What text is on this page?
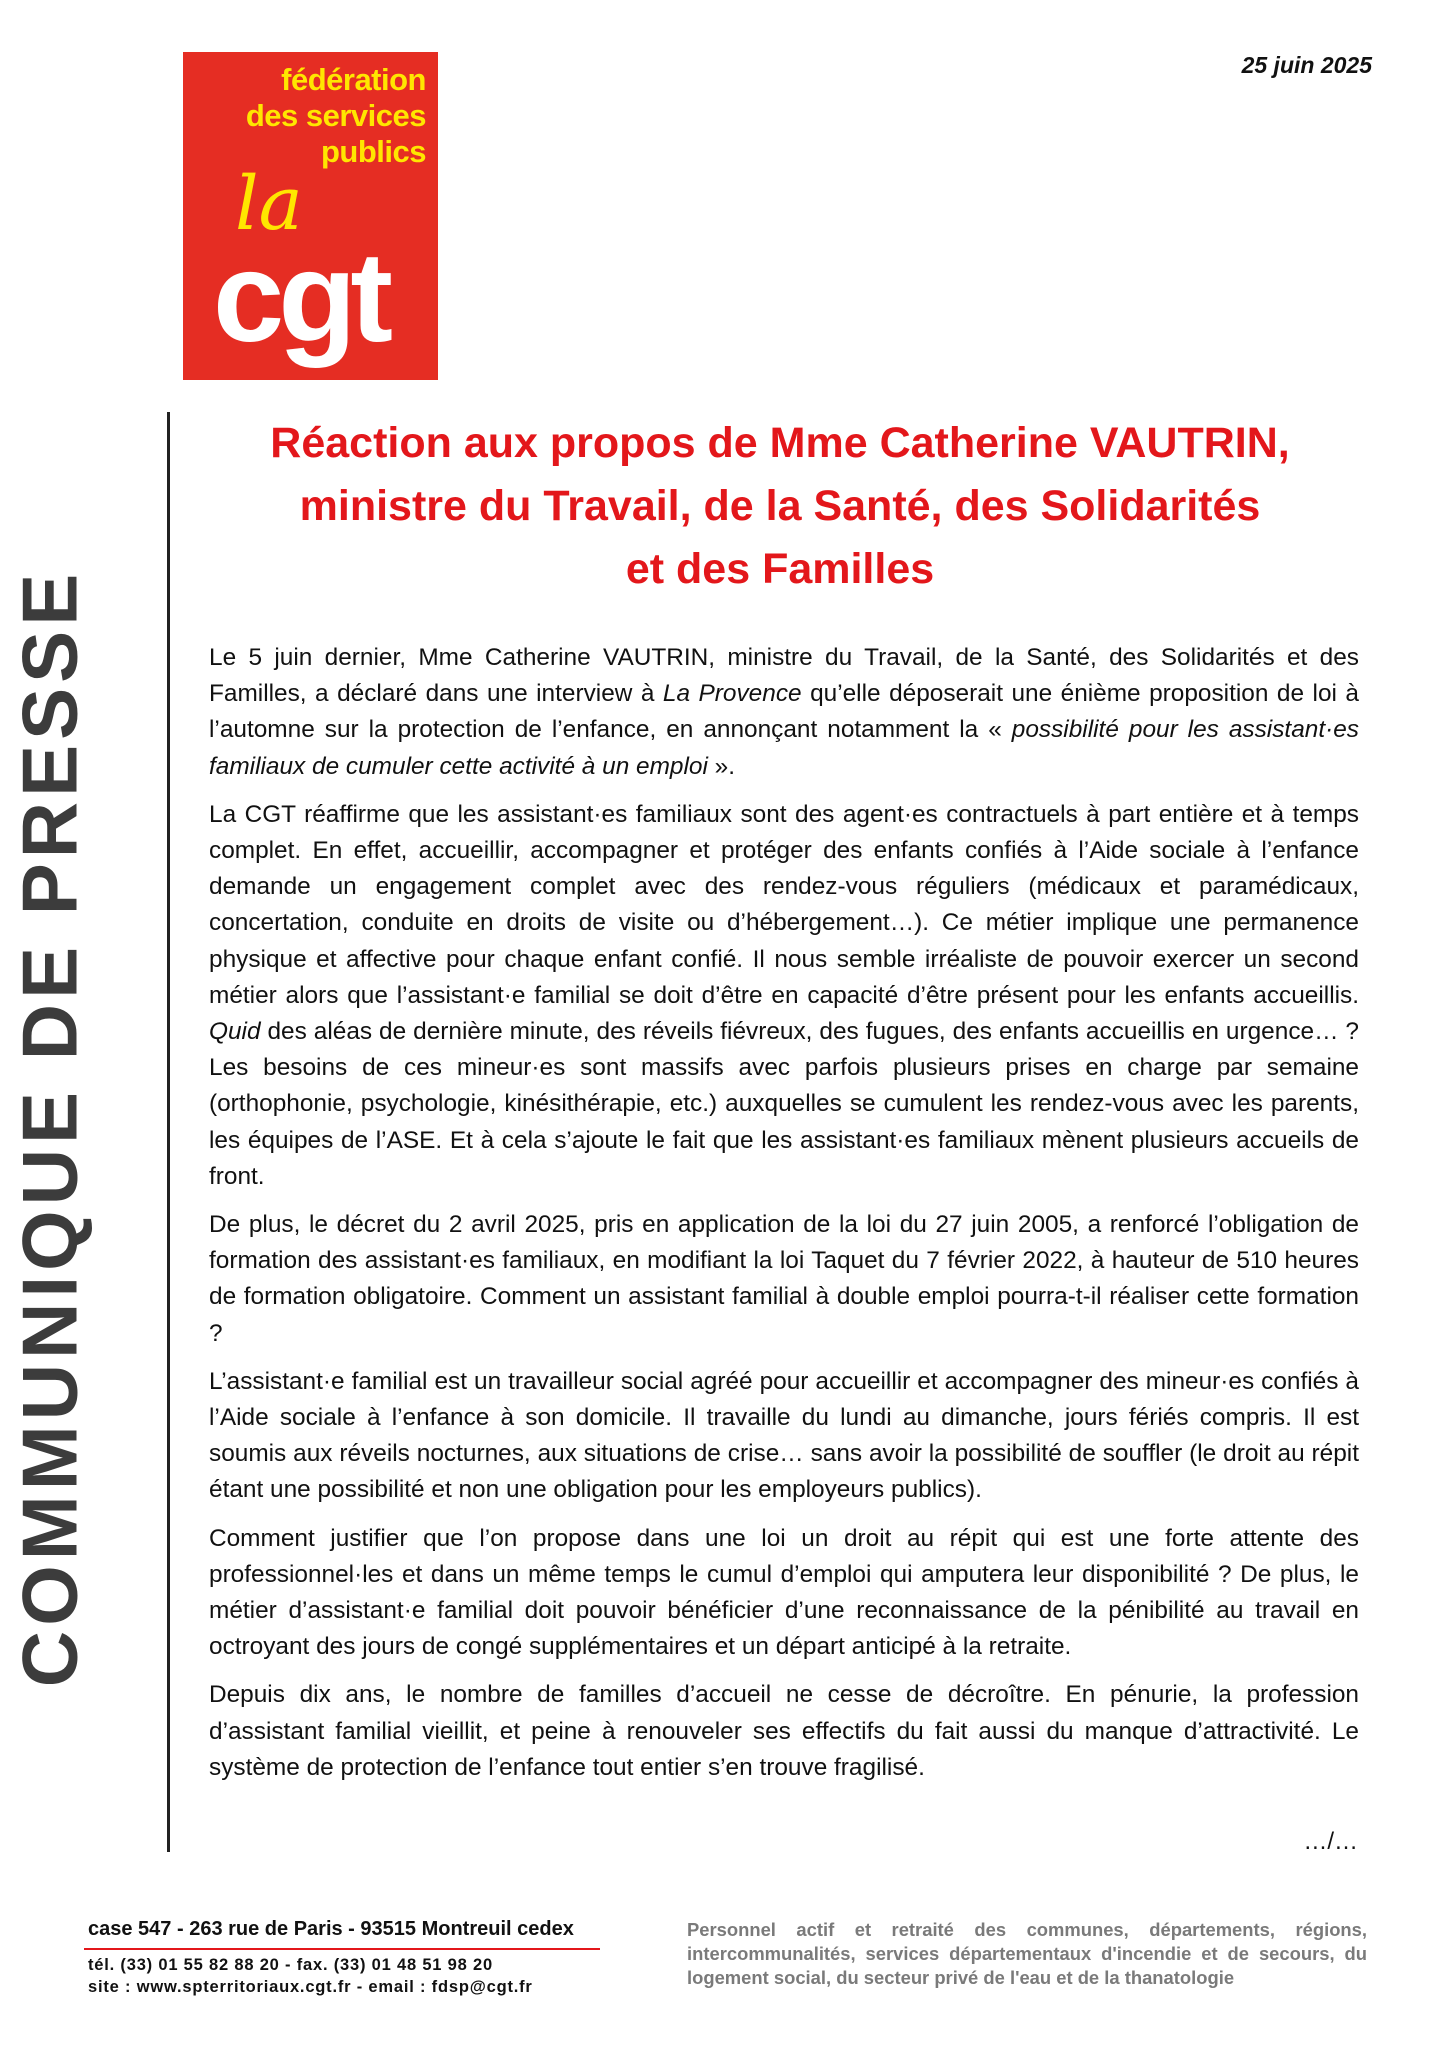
25 juin 2025
fédération
des services
publics
la
cgt
COMMUNIQUE DE PRESSE
Réaction aux propos de Mme Catherine VAUTRIN,
ministre du Travail, de la Santé, des Solidarités
et des Familles

Le 5 juin dernier, Mme Catherine VAUTRIN, ministre du Travail, de la Santé, des Solidarités et des Familles, a déclaré dans une interview à La Provence qu’elle déposerait une énième proposition de loi à l’automne sur la protection de l’enfance, en annonçant notamment la « possibilité pour les assistant·es familiaux de cumuler cette activité à un emploi ».

La CGT réaffirme que les assistant·es familiaux sont des agent·es contractuels à part entière et à temps complet. En effet, accueillir, accompagner et protéger des enfants confiés à l’Aide sociale à l’enfance demande un engagement complet avec des rendez-vous réguliers (médicaux et paramédicaux, concertation, conduite en droits de visite ou d’hébergement…). Ce métier implique une permanence physique et affective pour chaque enfant confié. Il nous semble irréaliste de pouvoir exercer un second métier alors que l’assistant·e familial se doit d’être en capacité d’être présent pour les enfants accueillis. Quid des aléas de dernière minute, des réveils fiévreux, des fugues, des enfants accueillis en urgence… ? Les besoins de ces mineur·es sont massifs avec parfois plusieurs prises en charge par semaine (orthophonie, psychologie, kinésithérapie, etc.) auxquelles se cumulent les rendez-vous avec les parents, les équipes de l’ASE. Et à cela s’ajoute le fait que les assistant·es familiaux mènent plusieurs accueils de front.

De plus, le décret du 2 avril 2025, pris en application de la loi du 27 juin 2005, a renforcé l’obligation de formation des assistant·es familiaux, en modifiant la loi Taquet du 7 février 2022, à hauteur de 510 heures de formation obligatoire. Comment un assistant familial à double emploi pourra-t-il réaliser cette formation ?

L’assistant·e familial est un travailleur social agréé pour accueillir et accompagner des mineur·es confiés à l’Aide sociale à l’enfance à son domicile. Il travaille du lundi au dimanche, jours fériés compris. Il est soumis aux réveils nocturnes, aux situations de crise… sans avoir la possibilité de souffler (le droit au répit étant une possibilité et non une obligation pour les employeurs publics).

Comment justifier que l’on propose dans une loi un droit au répit qui est une forte attente des professionnel·les et dans un même temps le cumul d’emploi qui amputera leur disponibilité ? De plus, le métier d’assistant·e familial doit pouvoir bénéficier d’une reconnaissance de la pénibilité au travail en octroyant des jours de congé supplémentaires et un départ anticipé à la retraite.

Depuis dix ans, le nombre de familles d’accueil ne cesse de décroître. En pénurie, la profession d’assistant familial vieillit, et peine à renouveler ses effectifs du fait aussi du manque d’attractivité. Le système de protection de l’enfance tout entier s’en trouve fragilisé.

…/…
case 547 - 263 rue de Paris - 93515 Montreuil cedex
tél. (33) 01 55 82 88 20 - fax. (33) 01 48 51 98 20
site : www.spterritoriaux.cgt.fr - email : fdsp@cgt.fr
Personnel actif et retraité des communes, départements, régions, intercommunalités, services départementaux d'incendie et de secours, du logement social, du secteur privé de l'eau et de la thanatologie
